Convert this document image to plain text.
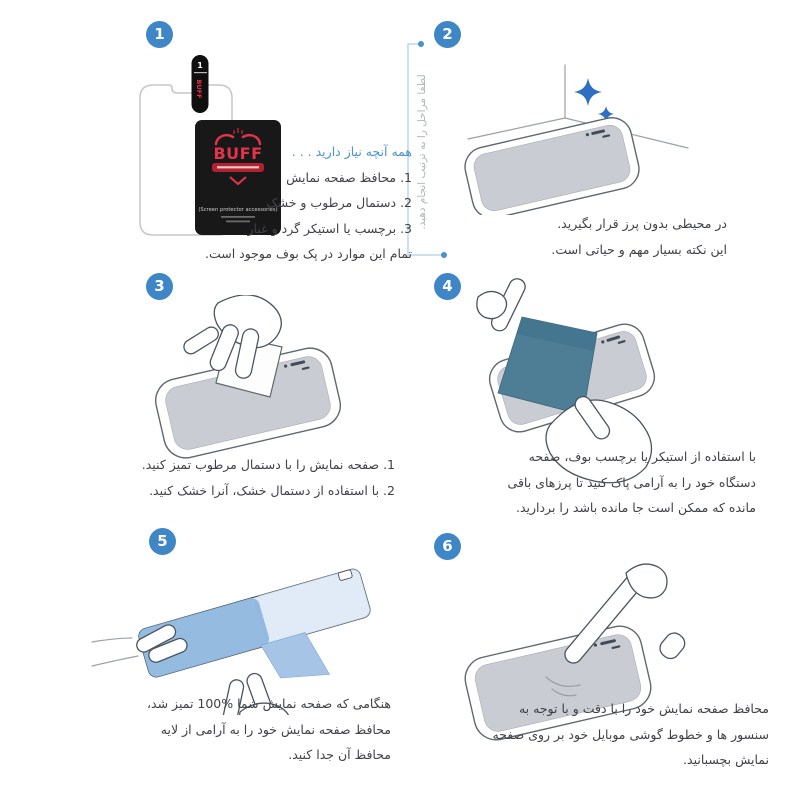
1	2
3	4
5	6
لطفا مراحل را به ترتیب انجام دهید.
1
BUFF
BUFF
(Screen protector accessories)
همه آنچه نیاز دارید . . .
1. محافظ صفحه نمایش
2. دستمال مرطوب و خشک
3. برچسب یا استیکر گرد و غبار
تمام این موارد در پک بوف موجود است.
در محیطی بدون پرز قرار بگیرید.
این نکته بسیار مهم و حیاتی است.
1. صفحه نمایش را با دستمال مرطوب تمیز کنید.
2. با استفاده از دستمال خشک، آنرا خشک کنید.
با استفاده از استیکر یا برچسب بوف، صفحه
دستگاه خود را به آرامی پاک کنید تا پرزهای باقی
مانده که ممکن است جا مانده باشد را بردارید.
هنگامی که صفحه نمایش شما %100 تمیز شد،
محافظ صفحه نمایش خود را به آرامی از لایه
محافظ آن جدا کنید.
محافظ صفحه نمایش خود را با دقت و با توجه به
سنسور ها و خطوط گوشی موبایل خود بر روی صفحه
نمایش بچسبانید.
